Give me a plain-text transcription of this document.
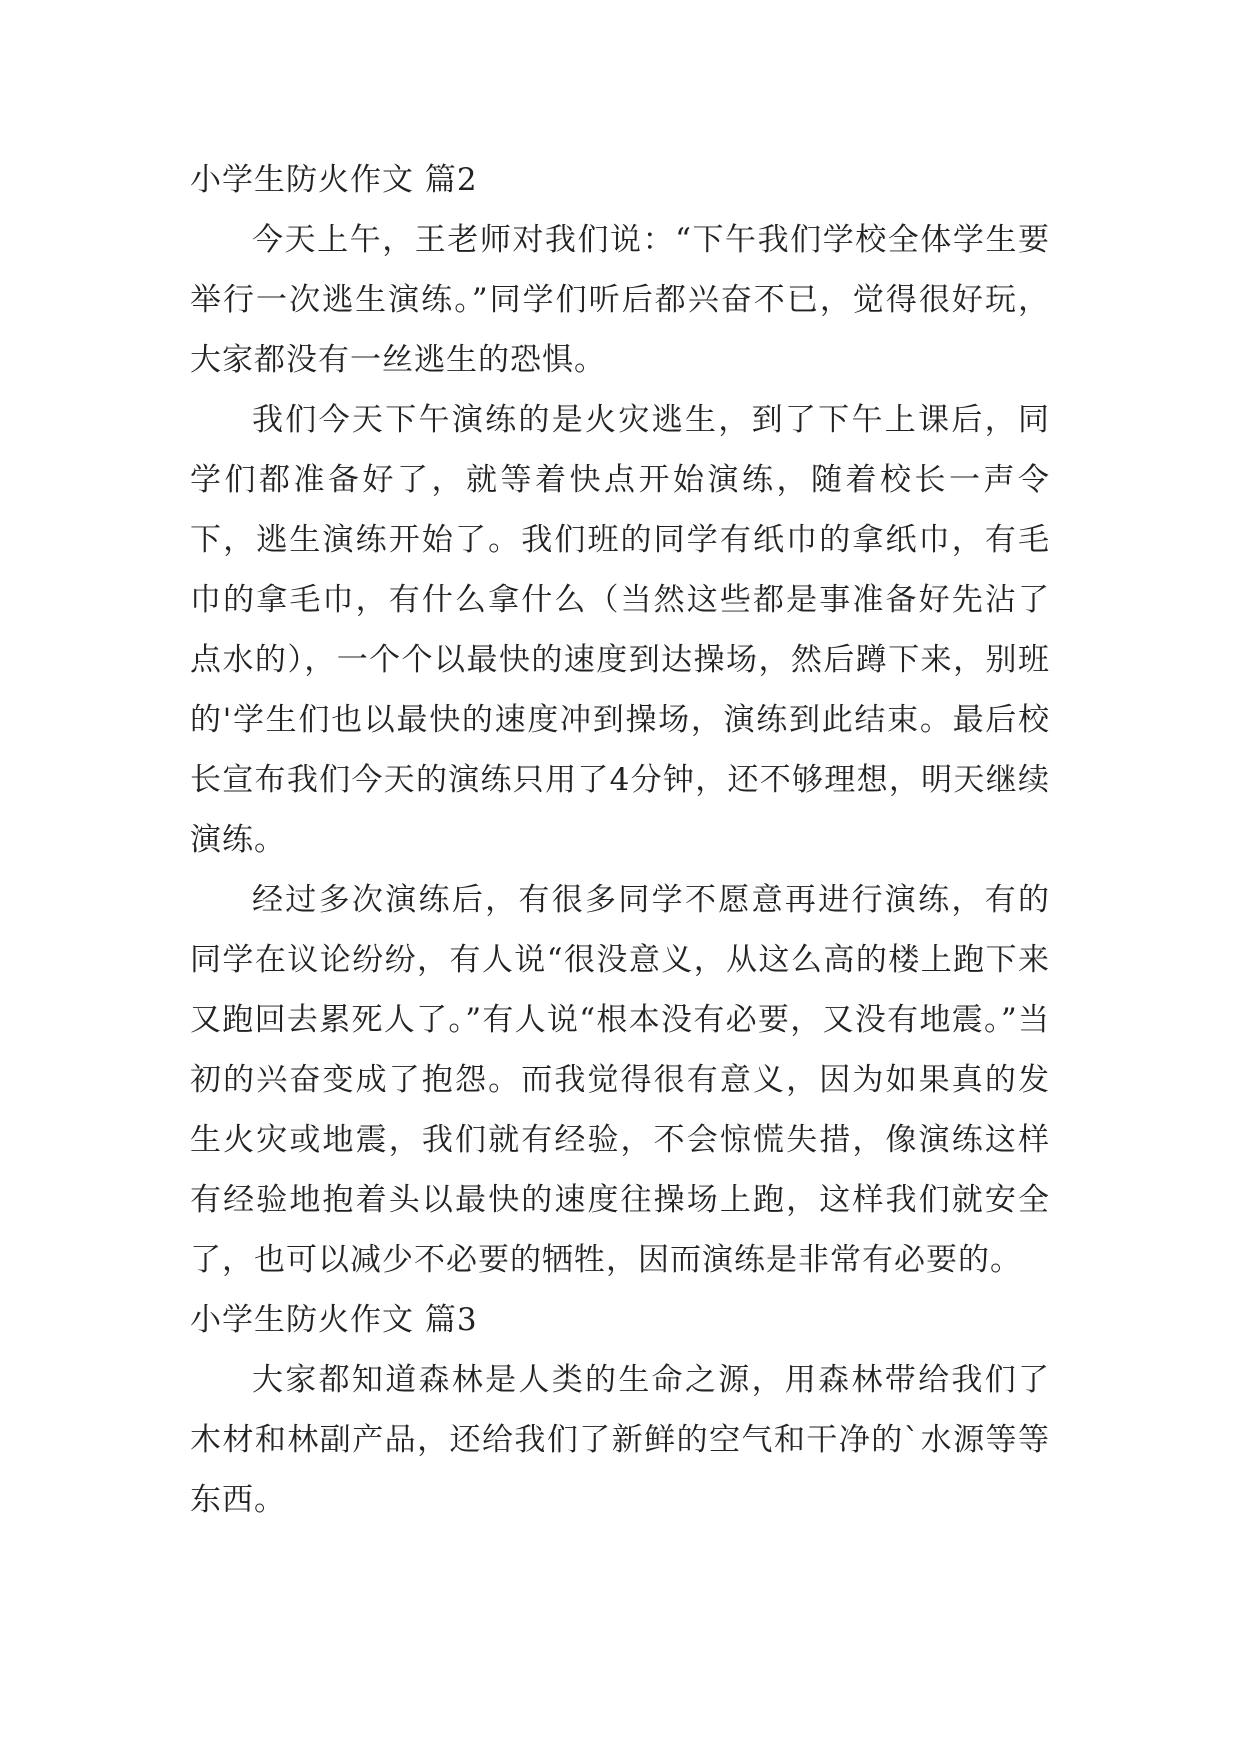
小学生防火作文 篇2

今天上午，王老师对我们说：“下午我们学校全体学生要举行一次逃生演练。”同学们听后都兴奋不已，觉得很好玩，大家都没有一丝逃生的恐惧。

我们今天下午演练的是火灾逃生，到了下午上课后，同学们都准备好了，就等着快点开始演练，随着校长一声令下，逃生演练开始了。我们班的同学有纸巾的拿纸巾，有毛巾的拿毛巾，有什么拿什么（当然这些都是事准备好先沾了点水的），一个个以最快的速度到达操场，然后蹲下来，别班的'学生们也以最快的速度冲到操场，演练到此结束。最后校长宣布我们今天的演练只用了4分钟，还不够理想，明天继续演练。

经过多次演练后，有很多同学不愿意再进行演练，有的同学在议论纷纷，有人说“很没意义，从这么高的楼上跑下来又跑回去累死人了。”有人说“根本没有必要，又没有地震。”当初的兴奋变成了抱怨。而我觉得很有意义，因为如果真的发生火灾或地震，我们就有经验，不会惊慌失措，像演练这样有经验地抱着头以最快的速度往操场上跑，这样我们就安全了，也可以减少不必要的牺牲，因而演练是非常有必要的。

小学生防火作文 篇3

大家都知道森林是人类的生命之源，用森林带给我们了木材和林副产品，还给我们了新鲜的空气和干净的`水源等等东西。
